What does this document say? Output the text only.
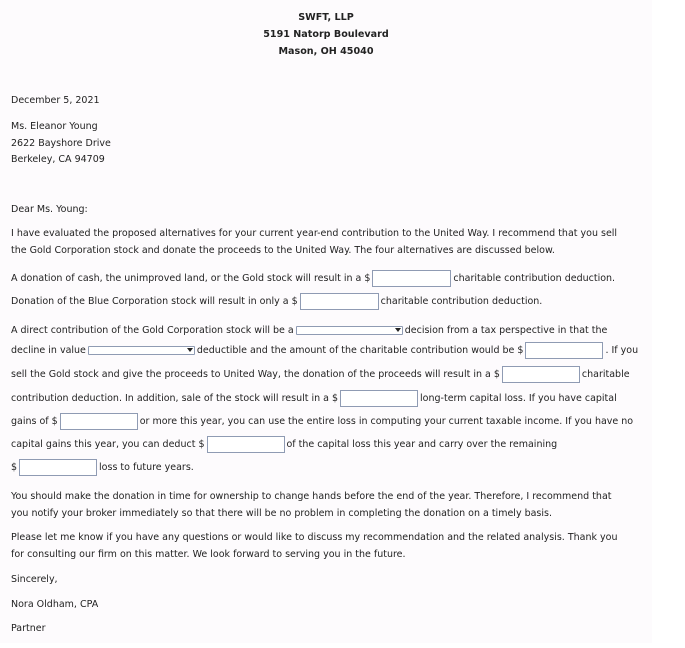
SWFT, LLP
5191 Natorp Boulevard
Mason, OH 45040
December 5, 2021
Ms. Eleanor Young
2622 Bayshore Drive
Berkeley, CA 94709
Dear Ms. Young:
I have evaluated the proposed alternatives for your current year-end contribution to the United Way. I recommend that you sell
the Gold Corporation stock and donate the proceeds to the United Way. The four alternatives are discussed below.
A donation of cash, the unimproved land, or the Gold stock will result in a $	charitable contribution deduction.
Donation of the Blue Corporation stock will result in only a $	charitable contribution deduction.
A direct contribution of the Gold Corporation stock will be a	decision from a tax perspective in that the
decline in value	deductible and the amount of the charitable contribution would be $	. If you
sell the Gold stock and give the proceeds to United Way, the donation of the proceeds will result in a $	charitable
contribution deduction. In addition, sale of the stock will result in a $	long-term capital loss. If you have capital
gains of $	or more this year, you can use the entire loss in computing your current taxable income. If you have no
capital gains this year, you can deduct $	of the capital loss this year and carry over the remaining
$	loss to future years.
You should make the donation in time for ownership to change hands before the end of the year. Therefore, I recommend that
you notify your broker immediately so that there will be no problem in completing the donation on a timely basis.
Please let me know if you have any questions or would like to discuss my recommendation and the related analysis. Thank you
for consulting our firm on this matter. We look forward to serving you in the future.
Sincerely,
Nora Oldham, CPA
Partner
